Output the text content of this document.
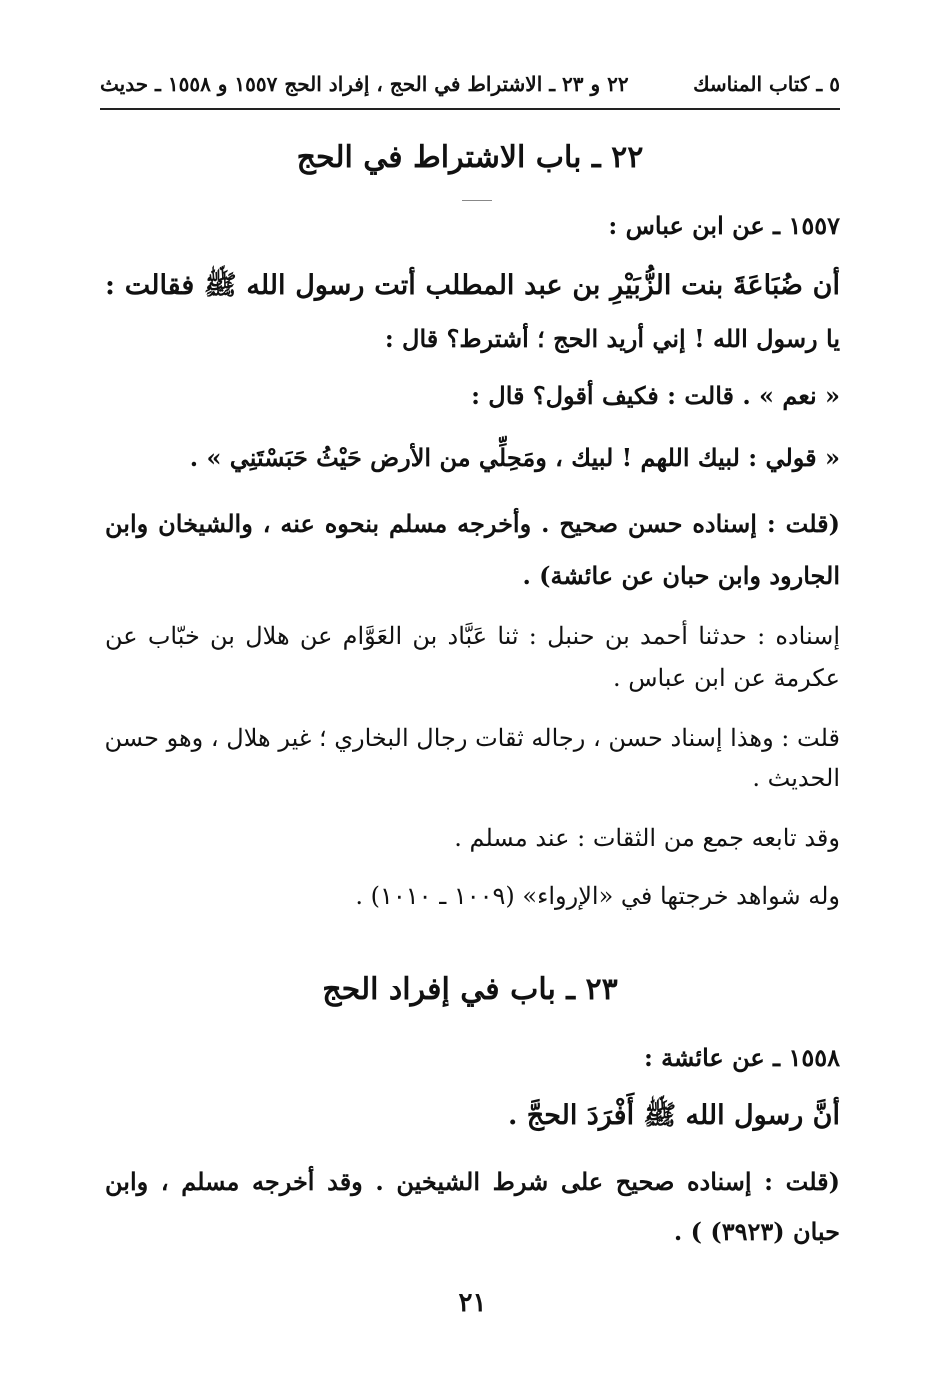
٥ ـ كتاب المناسك
٢٢ و ٢٣ ـ الاشتراط في الحج ، إفراد الحج ١٥٥٧ و ١٥٥٨ ـ حديث
٢٢ ـ باب الاشتراط في الحج
١٥٥٧ ـ عن ابن عباس :
أن ضُبَاعَةَ بنت الزُّبَيْرِ بن عبد المطلب أتت رسول الله ﷺ فقالت :
يا رسول الله ! إني أريد الحج ؛ أشترط؟ قال :
« نعم » . قالت : فكيف أقول؟ قال :
« قولي : لبيك اللهم ! لبيك ، ومَحِلِّي من الأرض حَيْثُ حَبَسْتَنِي » .
(قلت : إسناده حسن صحيح . وأخرجه مسلم بنحوه عنه ، والشيخان وابن
الجارود وابن حبان عن عائشة) .
إسناده : حدثنا أحمد بن حنبل : ثنا عَبَّاد بن العَوَّام عن هلال بن خبّاب عن
عكرمة عن ابن عباس .
قلت : وهذا إسناد حسن ، رجاله ثقات رجال البخاري ؛ غير هلال ، وهو حسن
الحديث .
وقد تابعه جمع من الثقات : عند مسلم .
وله شواهد خرجتها في «الإرواء» (١٠٠٩ ـ ١٠١٠) .
٢٣ ـ باب في إفراد الحج
١٥٥٨ ـ عن عائشة :
أنَّ رسول الله ﷺ أَفْرَدَ الحجَّ .
(قلت : إسناده صحيح على شرط الشيخين . وقد أخرجه مسلم ، وابن
حبان (٣٩٢٣) ) .
٢١
